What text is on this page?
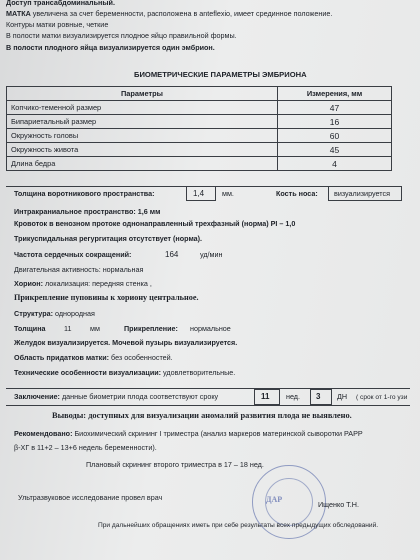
Доступ трансабдоминальный.
МАТКА увеличена за счет беременности, расположена в anteflexio, имеет срединное положение.
Контуры матки ровные, четкие
В полости матки визуализируется плодное яйцо правильной формы.
В полости плодного яйца визуализируется один эмбрион.
БИОМЕТРИЧЕСКИЕ ПАРАМЕТРЫ ЭМБРИОНА
Параметры	Измерения, мм
Копчико-теменной размер	47
Бипариетальный размер	16
Окружность головы	60
Окружность живота	45
Длина бедра	4
Толщина воротникового пространства:	1,4 мм.	Кость носа: визуализируется
Интракраниальное пространство: 1,6 мм
Кровоток в венозном протоке однонаправленный трехфазный (норма) PI – 1,0
Трикуспидальная регургитация отсутствует (норма).
Частота сердечных сокращений:	164	уд/мин
Двигательная активность: нормальная
Хорион: локализация: передняя стенка ,
Прикрепление пуповины к хориону центральное.
Структура: однородная
Толщина	11	мм	Прикрепление: нормальное
Желудок визуализируется. Мочевой пузырь визуализируется.
Область придатков матки: без особенностей.
Технические особенности визуализации: удовлетворительные.
Заключение: данные биометрии плода соответствуют сроку	11 нед. 3 ДН ( срок от 1-го узи
Выводы: доступных для визуализации аномалий развития плода не выявлено.
Рекомендовано: Биохимический скрининг I триместра (анализ маркеров материнской сыворотки PAPP
β-ХГ в 11+2 – 13+6 недель беременности).
Плановый скрининг второго триместра в 17 – 18 нед.
ДАР
Ультразвуковое исследование провел врач
Ищенко Т.Н.
При дальнейших обращениях иметь при себе результаты всех предыдущих обследований.
